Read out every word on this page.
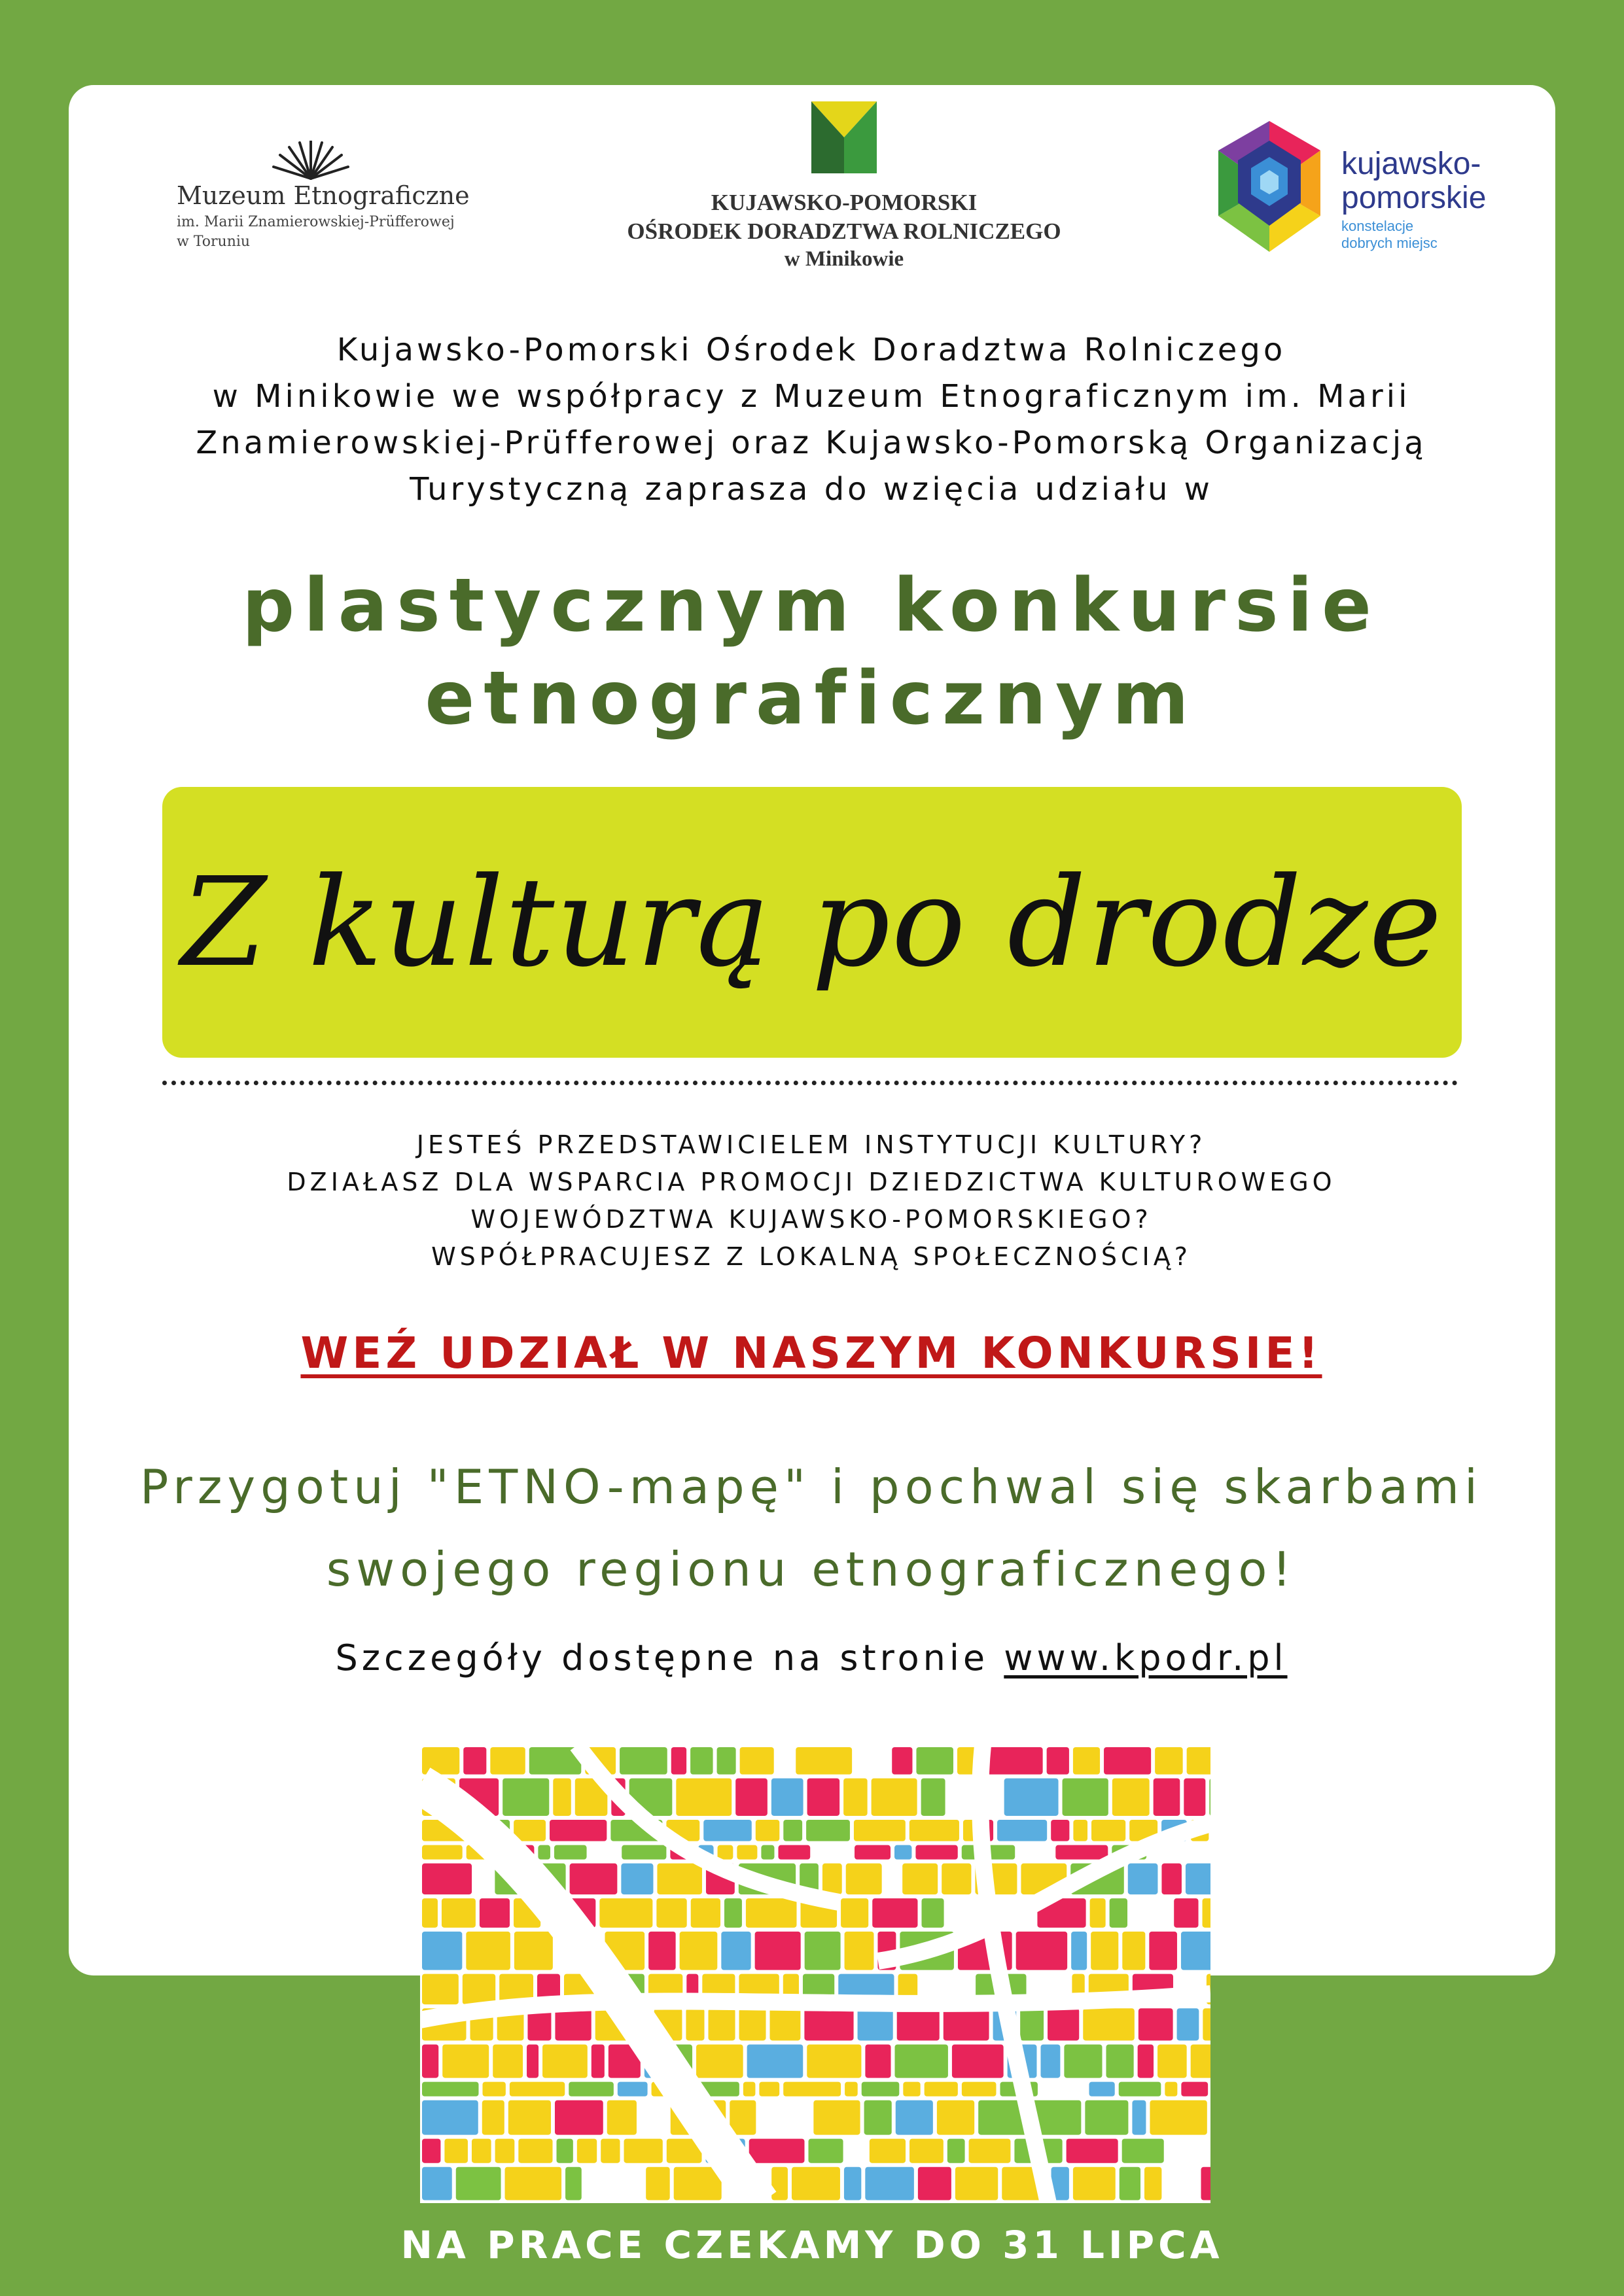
Muzeum Etnograficzne
im. Marii Znamierowskiej-Prüfferowej
w Toruniu
KUJAWSKO-POMORSKI
OŚRODEK DORADZTWA ROLNICZEGO
w Minikowie
kujawsko-
pomorskie
konstelacje
dobrych miejsc
Kujawsko-Pomorski Ośrodek Doradztwa Rolniczego
w Minikowie we współpracy z Muzeum Etnograficznym im. Marii
Znamierowskiej-Prüfferowej oraz Kujawsko-Pomorską Organizacją
Turystyczną zaprasza do wzięcia udziału w
plastycznym konkursie
etnograficznym
Z kulturą po drodze
JESTEŚ PRZEDSTAWICIELEM INSTYTUCJI KULTURY?
DZIAŁASZ DLA WSPARCIA PROMOCJI DZIEDZICTWA KULTUROWEGO
WOJEWÓDZTWA KUJAWSKO-POMORSKIEGO?
WSPÓŁPRACUJESZ Z LOKALNĄ SPOŁECZNOŚCIĄ?
WEŹ UDZIAŁ W NASZYM KONKURSIE!
Przygotuj "ETNO-mapę" i pochwal się skarbami
swojego regionu etnograficznego!
Szczegóły dostępne na stronie www.kpodr.pl
NA PRACE CZEKAMY DO 31 LIPCA
